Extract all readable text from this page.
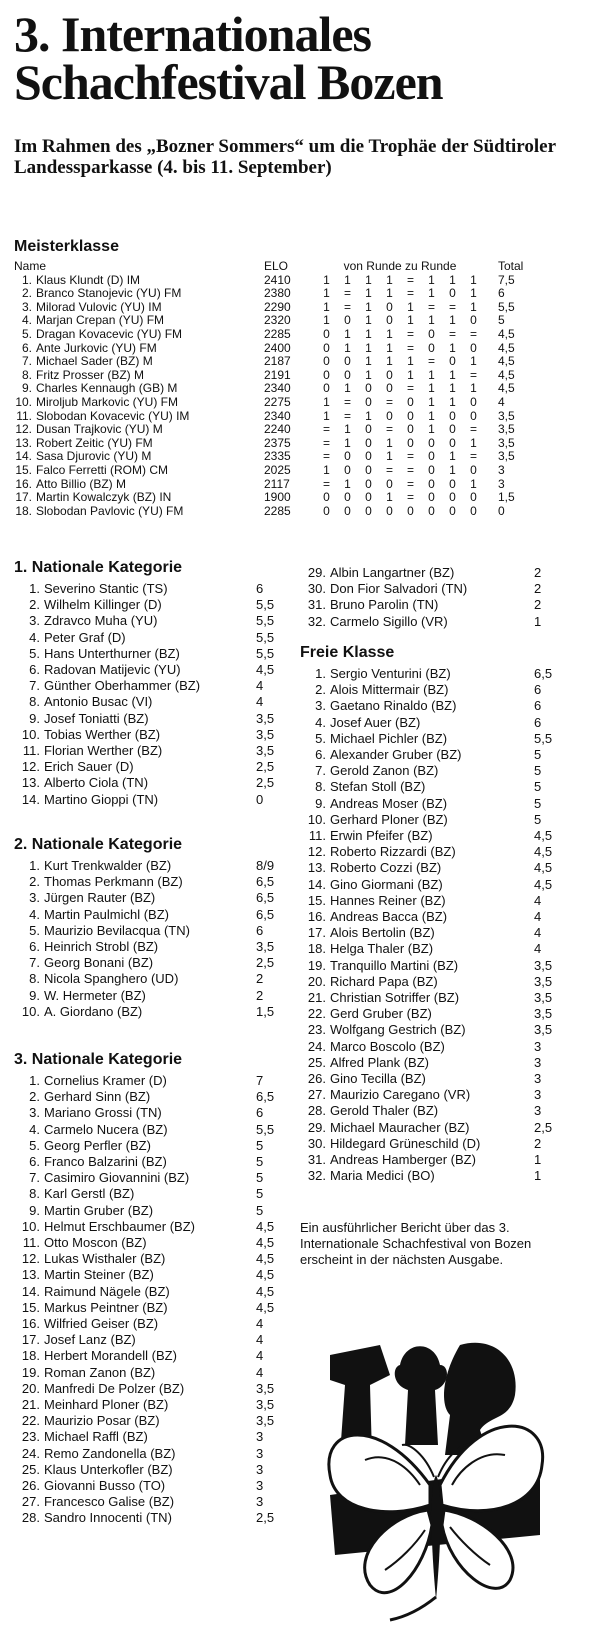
3. Internationales
Schachfestival Bozen
Im Rahmen des „Bozner Sommers“ um die Trophäe der Südtiroler Landessparkasse (4. bis 11. September)
Meisterklasse
Name		ELO	von Runde zu Runde								Total
1.	Klaus Klundt (D) IM	2410	1	1	1	1	=	1	1	1	7,5
2.	Branco Stanojevic (YU) FM	2380	1	=	1	1	=	1	0	1	6
3.	Milorad Vulovic (YU) IM	2290	1	=	1	0	1	=	=	1	5,5
4.	Marjan Crepan (YU) FM	2320	1	0	1	0	1	1	1	0	5
5.	Dragan Kovacevic (YU) FM	2285	0	1	1	1	=	0	=	=	4,5
6.	Ante Jurkovic (YU) FM	2400	0	1	1	1	=	0	1	0	4,5
7.	Michael Sader (BZ) M	2187	0	0	1	1	1	=	0	1	4,5
8.	Fritz Prosser (BZ) M	2191	0	0	1	0	1	1	1	=	4,5
9.	Charles Kennaugh (GB) M	2340	0	1	0	0	=	1	1	1	4,5
10.	Miroljub Markovic (YU) FM	2275	1	=	0	=	0	1	1	0	4
11.	Slobodan Kovacevic (YU) IM	2340	1	=	1	0	0	1	0	0	3,5
12.	Dusan Trajkovic (YU) M	2240	=	1	0	=	0	1	0	=	3,5
13.	Robert Zeitic (YU) FM	2375	=	1	0	1	0	0	0	1	3,5
14.	Sasa Djurovic (YU) M	2335	=	0	0	1	=	0	1	=	3,5
15.	Falco Ferretti (ROM) CM	2025	1	0	0	=	=	0	1	0	3
16.	Atto Billio (BZ) M	2117	=	1	0	0	=	0	0	1	3
17.	Martin Kowalczyk (BZ) IN	1900	0	0	0	1	=	0	0	0	1,5
18.	Slobodan Pavlovic (YU) FM	2285	0	0	0	0	0	0	0	0	0
1. Nationale Kategorie
1. Severino Stantic (TS)	6
2. Wilhelm Killinger (D)	5,5
3. Zdravco Muha (YU)	5,5
4. Peter Graf (D)	5,5
5. Hans Unterthurner (BZ)	5,5
6. Radovan Matijevic (YU)	4,5
7. Günther Oberhammer (BZ)	4
8. Antonio Busac (VI)	4
9. Josef Toniatti (BZ)	3,5
10. Tobias Werther (BZ)	3,5
11. Florian Werther (BZ)	3,5
12. Erich Sauer (D)	2,5
13. Alberto Ciola (TN)	2,5
14. Martino Gioppi (TN)	0
2. Nationale Kategorie
1. Kurt Trenkwalder (BZ)	8/9
2. Thomas Perkmann (BZ)	6,5
3. Jürgen Rauter (BZ)	6,5
4. Martin Paulmichl (BZ)	6,5
5. Maurizio Bevilacqua (TN)	6
6. Heinrich Strobl (BZ)	3,5
7. Georg Bonani (BZ)	2,5
8. Nicola Spanghero (UD)	2
9. W. Hermeter (BZ)	2
10. A. Giordano (BZ)	1,5
3. Nationale Kategorie
1. Cornelius Kramer (D)	7
2. Gerhard Sinn (BZ)	6,5
3. Mariano Grossi (TN)	6
4. Carmelo Nucera (BZ)	5,5
5. Georg Perfler (BZ)	5
6. Franco Balzarini (BZ)	5
7. Casimiro Giovannini (BZ)	5
8. Karl Gerstl (BZ)	5
9. Martin Gruber (BZ)	5
10. Helmut Erschbaumer (BZ)	4,5
11. Otto Moscon (BZ)	4,5
12. Lukas Wisthaler (BZ)	4,5
13. Martin Steiner (BZ)	4,5
14. Raimund Nägele (BZ)	4,5
15. Markus Peintner (BZ)	4,5
16. Wilfried Geiser (BZ)	4
17. Josef Lanz (BZ)	4
18. Herbert Morandell (BZ)	4
19. Roman Zanon (BZ)	4
20. Manfredi De Polzer (BZ)	3,5
21. Meinhard Ploner (BZ)	3,5
22. Maurizio Posar (BZ)	3,5
23. Michael Raffl (BZ)	3
24. Remo Zandonella (BZ)	3
25. Klaus Unterkofler (BZ)	3
26. Giovanni Busso (TO)	3
27. Francesco Galise (BZ)	3
28. Sandro Innocenti (TN)	2,5
29. Albin Langartner (BZ)	2
30. Don Fior Salvadori (TN)	2
31. Bruno Parolin (TN)	2
32. Carmelo Sigillo (VR)	1
Freie Klasse
1. Sergio Venturini (BZ)	6,5
2. Alois Mittermair (BZ)	6
3. Gaetano Rinaldo (BZ)	6
4. Josef Auer (BZ)	6
5. Michael Pichler (BZ)	5,5
6. Alexander Gruber (BZ)	5
7. Gerold Zanon (BZ)	5
8. Stefan Stoll (BZ)	5
9. Andreas Moser (BZ)	5
10. Gerhard Ploner (BZ)	5
11. Erwin Pfeifer (BZ)	4,5
12. Roberto Rizzardi (BZ)	4,5
13. Roberto Cozzi (BZ)	4,5
14. Gino Giormani (BZ)	4,5
15. Hannes Reiner (BZ)	4
16. Andreas Bacca (BZ)	4
17. Alois Bertolin (BZ)	4
18. Helga Thaler (BZ)	4
19. Tranquillo Martini (BZ)	3,5
20. Richard Papa (BZ)	3,5
21. Christian Sotriffer (BZ)	3,5
22. Gerd Gruber (BZ)	3,5
23. Wolfgang Gestrich (BZ)	3,5
24. Marco Boscolo (BZ)	3
25. Alfred Plank (BZ)	3
26. Gino Tecilla (BZ)	3
27. Maurizio Caregano (VR)	3
28. Gerold Thaler (BZ)	3
29. Michael Mauracher (BZ)	2,5
30. Hildegard Grüneschild (D)	2
31. Andreas Hamberger (BZ)	1
32. Maria Medici (BO)	1
Ein ausführlicher Bericht über das 3. Internationale Schachfestival von Bozen erscheint in der nächsten Ausgabe.
